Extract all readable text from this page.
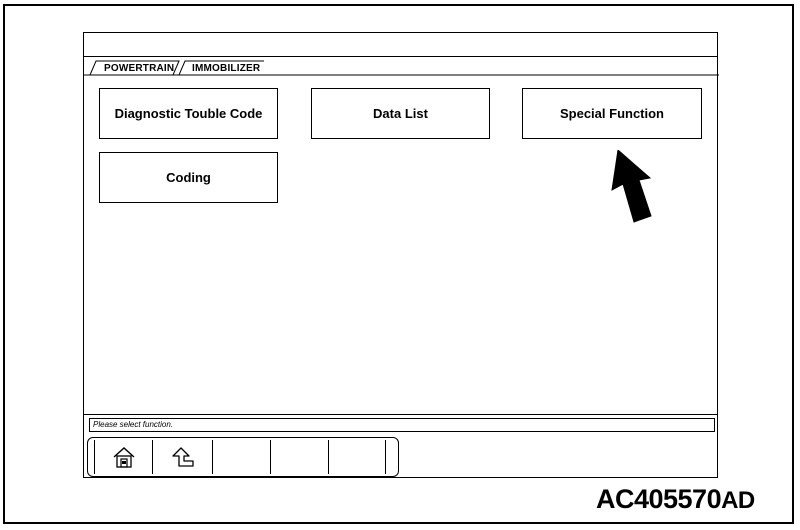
POWERTRAIN IMMOBILIZER
Diagnostic Touble Code	Data List	Special Function
Coding
Please select function.
AC405570AD
